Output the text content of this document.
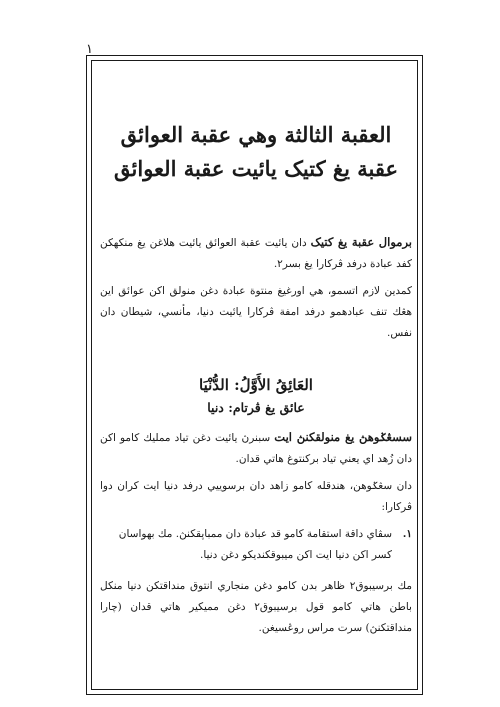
١

العقبة الثالثة وهي عقبة العوائق

عقبة يغ کتيک يائيت عقبة العوائق

برموال عقبة يغ کتيک دان يائيت عقبة العوائق يائيت هلاغن يغ منكهكن كفد عبادة درفد ڤركارا يغ بسر٢.

كمدين لازم اتسمو، هي اورغيغ منتوة عبادة دغن منولق اكن عوائق اين هڠك تنف عبادهمو درفد امفة ڤركارا يائيت دنيا، مأنسي، شيطان دان نفس.

العَائِقُ الأَوَّلُ: الدُّنْيَا

عائق يغ ڤرتام: دنيا

سسڠݢوهڽ يغ منولقكنڽ ايت سبنرڽ يائيت دغن تياد ممليك كامو اكن دان زُهد اي يعني تياد برکنتوغ هاتي قدان.

دان سڠݢوهن، هندقله كامو زاهد دان برسوييي درفد دنيا ايت كران دوا ڤركارا:

١.
سڤاي داقة استقامة كامو قد عبادة دان ممباڽقكنڽ. مك بهواسان كسر اكن دنيا ايت اكن ميبوقكنديكو دغن دنيا.

مك برسيبوق٢ ظاهر بدن كامو دغن منجاري انتوق منداقتكن دنيا منكل باطن هاتي كامو قول برسيبوق٢ دغن مميكير هاتي قدان (چارا منداقتكنڽ) سرت مراس روڠسيغن.
